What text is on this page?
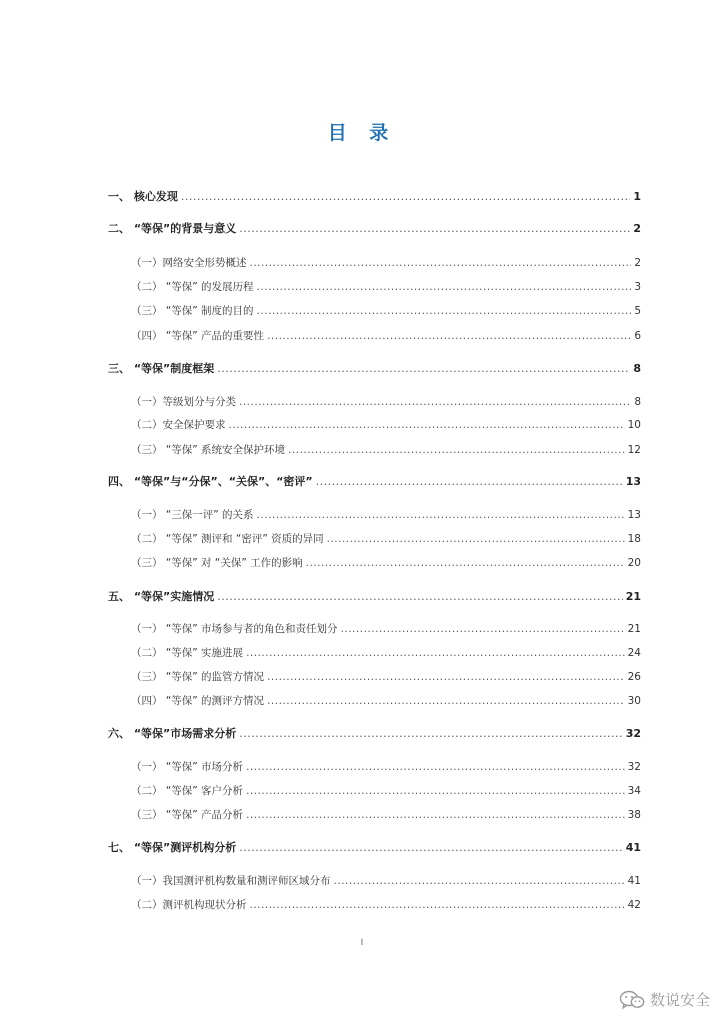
目 录
一、 核心发现 .....	1
二、 “等保”的背景与意义 .....	2
（一）网络安全形势概述 .....	2
（二） “等保” 的发展历程 .....	3
（三） “等保” 制度的目的 .....	5
（四） “等保” 产品的重要性 .....	6
三、 “等保”制度框架 .....	8
（一）等级划分与分类 .....	8
（二）安全保护要求 .....	10
（三） “等保” 系统安全保护环境 .....	12
四、 “等保”与“分保”、“关保”、“密评” .....	13
（一） “三保一评” 的关系 .....	13
（二） “等保” 测评和 “密评” 资质的异同 .....	18
（三） “等保” 对 “关保” 工作的影响 .....	20
五、 “等保”实施情况 .....	21
（一） “等保” 市场参与者的角色和责任划分 .....	21
（二） “等保” 实施进展 .....	24
（三） “等保” 的监管方情况 .....	26
（四） “等保” 的测评方情况 .....	30
六、 “等保”市场需求分析 .....	32
（一） “等保” 市场分析 .....	32
（二） “等保” 客户分析 .....	34
（三） “等保” 产品分析 .....	38
七、 “等保”测评机构分析 .....	41
（一）我国测评机构数量和测评师区域分布 .....	41
（二）测评机构现状分析 .....	42
I
数说安全
